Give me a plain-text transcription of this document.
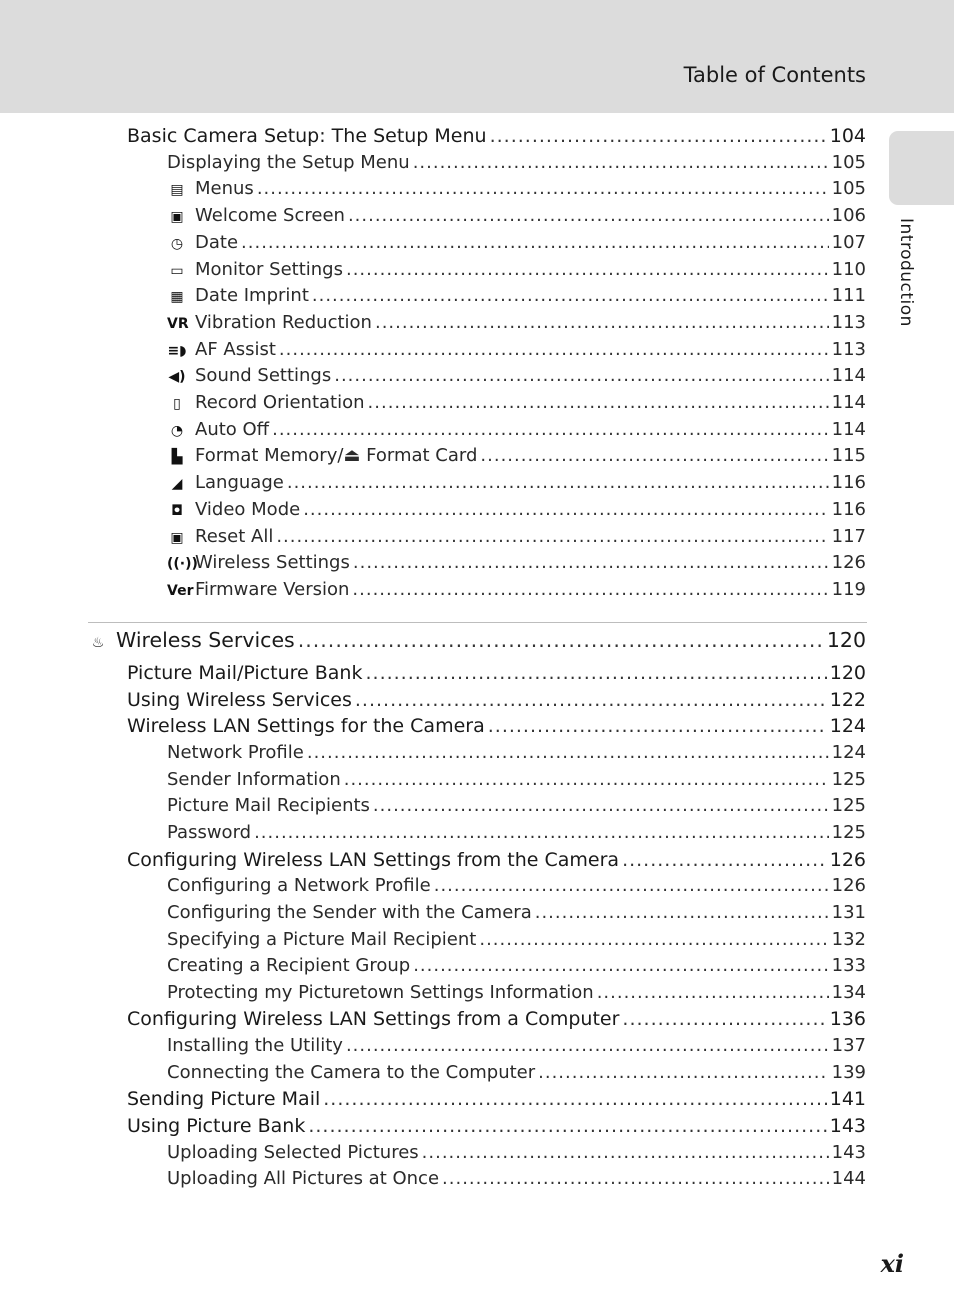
Table of Contents
Introduction
Basic Camera Setup: The Setup Menu .....	104
Displaying the Setup Menu .....	105
▤ Menus .....	105
▣ Welcome Screen .....	106
◷ Date .....	107
▭ Monitor Settings .....	110
▦ Date Imprint .....	111
VR Vibration Reduction .....	113
≡◗ AF Assist .....	113
◀) Sound Settings .....	114
▯ Record Orientation .....	114
◔ Auto Off .....	114
▙ Format Memory/⏏ Format Card .....	115
◢ Language .....	116
◘ Video Mode .....	116
▣ Reset All .....	117
((·))Wireless Settings .....	126
VerFirmware Version .....	119
♨ Wireless Services .....	120
Picture Mail/Picture Bank .....	120
Using Wireless Services .....	122
Wireless LAN Settings for the Camera .....	124
Network Profile .....	124
Sender Information .....	125
Picture Mail Recipients .....	125
Password .....	125
Configuring Wireless LAN Settings from the Camera .....	126
Configuring a Network Profile .....	126
Configuring the Sender with the Camera .....	131
Specifying a Picture Mail Recipient .....	132
Creating a Recipient Group .....	133
Protecting my Picturetown Settings Information .....	134
Configuring Wireless LAN Settings from a Computer .....	136
Installing the Utility .....	137
Connecting the Camera to the Computer .....	139
Sending Picture Mail .....	141
Using Picture Bank .....	143
Uploading Selected Pictures .....	143
Uploading All Pictures at Once .....	144
xi
